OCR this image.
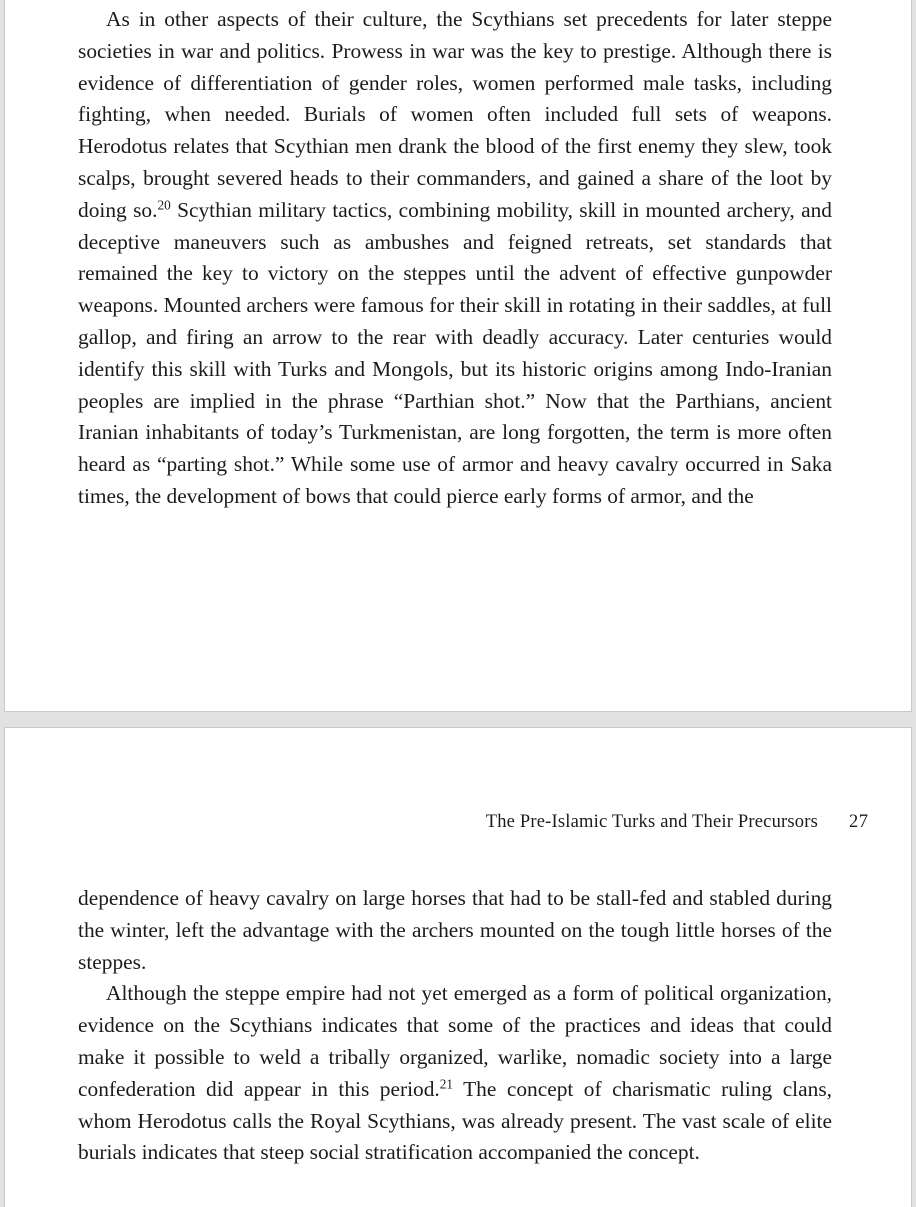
As in other aspects of their culture, the Scythians set precedents for later steppe societies in war and politics. Prowess in war was the key to prestige. Although there is evidence of differentiation of gender roles, women performed male tasks, including fighting, when needed. Burials of women often included full sets of weapons. Herodotus relates that Scythian men drank the blood of the first enemy they slew, took scalps, brought severed heads to their commanders, and gained a share of the loot by doing so.$^{20}$ Scythian military tactics, combining mobility, skill in mounted archery, and deceptive maneuvers such as ambushes and feigned retreats, set standards that remained the key to victory on the steppes until the advent of effective gunpowder weapons. Mounted archers were famous for their skill in rotating in their saddles, at full gallop, and firing an arrow to the rear with deadly accuracy. Later centuries would identify this skill with Turks and Mongols, but its historic origins among Indo-Iranian peoples are implied in the phrase “Parthian shot.” Now that the Parthians, ancient Iranian inhabitants of today’s Turkmenistan, are long forgotten, the term is more often heard as “parting shot.” While some use of armor and heavy cavalry occurred in Saka times, the development of bows that could pierce early forms of armor, and the

The Pre-Islamic Turks and Their Precursors 27

dependence of heavy cavalry on large horses that had to be stall-fed and stabled during the winter, left the advantage with the archers mounted on the tough little horses of the steppes.

Although the steppe empire had not yet emerged as a form of political organization, evidence on the Scythians indicates that some of the practices and ideas that could make it possible to weld a tribally organized, warlike, nomadic society into a large confederation did appear in this period.$^{21}$ The concept of charismatic ruling clans, whom Herodotus calls the Royal Scythians, was already present. The vast scale of elite burials indicates that steep social stratification accompanied the concept.
